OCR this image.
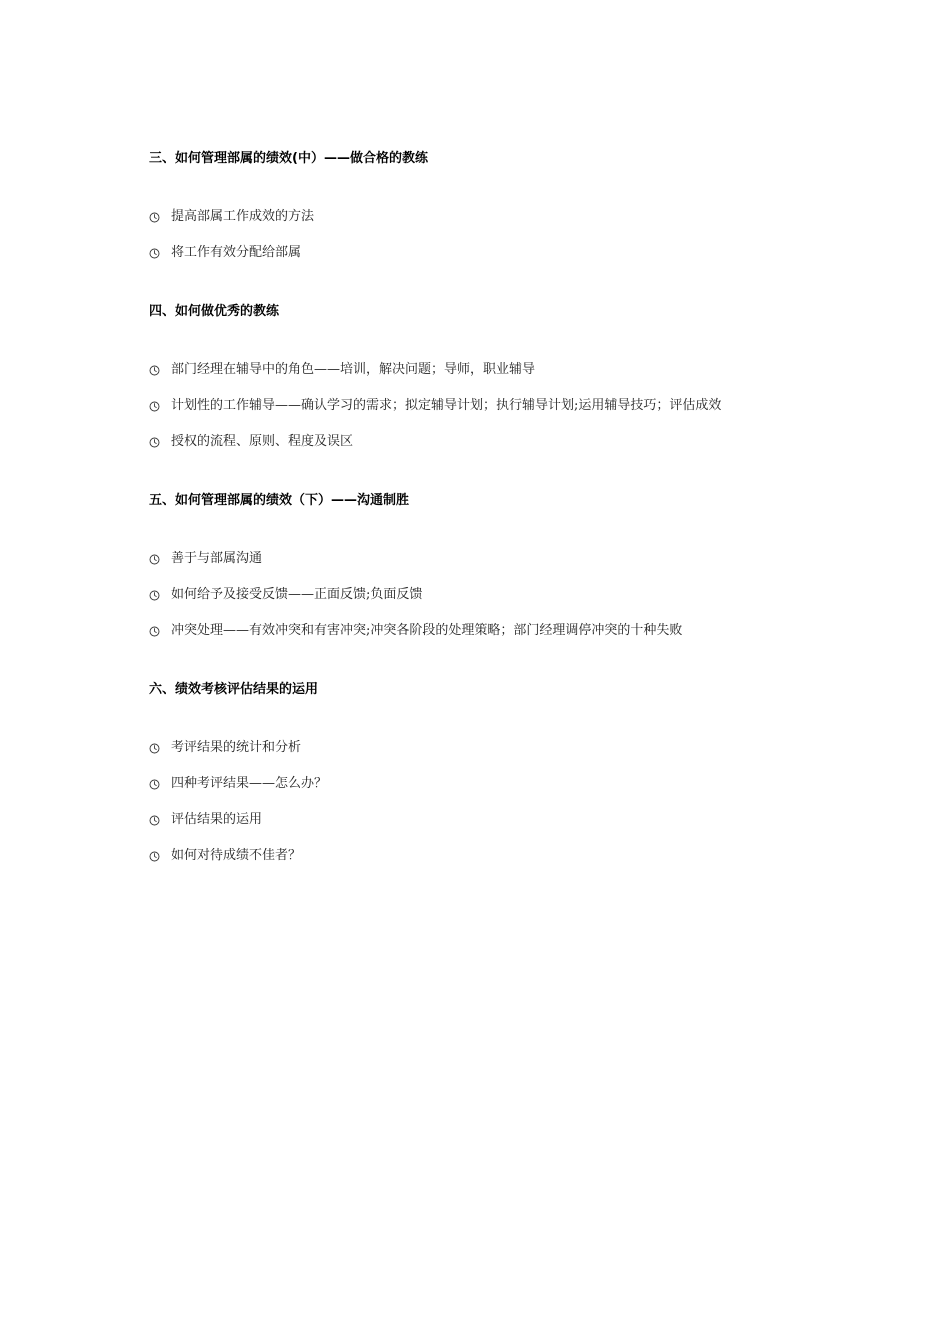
三、如何管理部属的绩效(中）——做合格的教练
提高部属工作成效的方法
将工作有效分配给部属
四、如何做优秀的教练
部门经理在辅导中的角色——培训，解决问题；导师，职业辅导
计划性的工作辅导——确认学习的需求；拟定辅导计划；执行辅导计划;运用辅导技巧；评估成效
授权的流程、原则、程度及误区
五、如何管理部属的绩效（下）——沟通制胜
善于与部属沟通
如何给予及接受反馈——正面反馈;负面反馈
冲突处理——有效冲突和有害冲突;冲突各阶段的处理策略；部门经理调停冲突的十种失败
六、绩效考核评估结果的运用
考评结果的统计和分析
四种考评结果——怎么办？
评估结果的运用
如何对待成绩不佳者？
